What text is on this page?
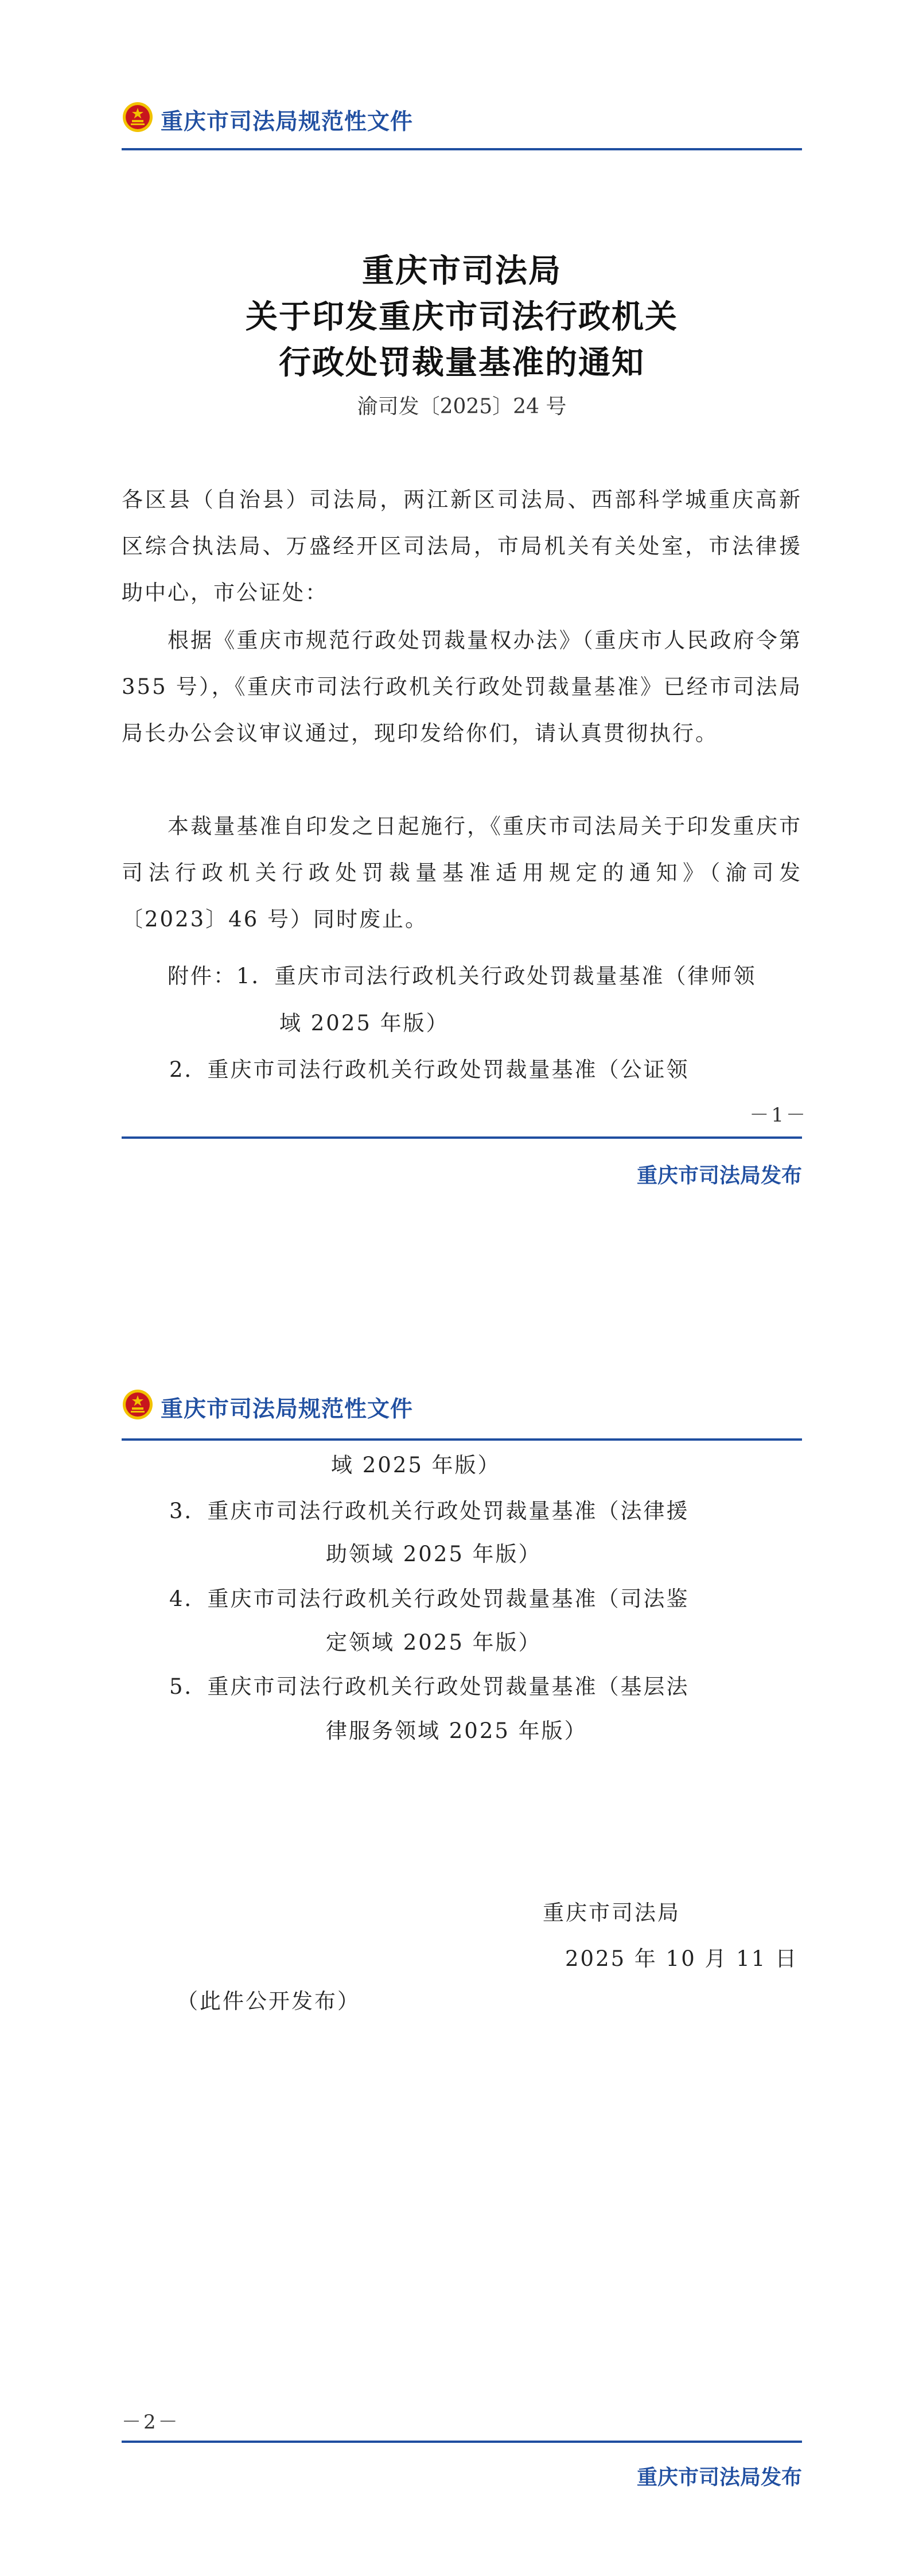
重庆市司法局规范性文件
重庆市司法局
关于印发重庆市司法行政机关
行政处罚裁量基准的通知
渝司发〔2025〕24 号
各区县（自治县）司法局，两江新区司法局、西部科学城重庆高新区综合执法局、万盛经开区司法局，市局机关有关处室，市法律援助中心，市公证处：
根据《重庆市规范行政处罚裁量权办法》（重庆市人民政府令第 355 号），《重庆市司法行政机关行政处罚裁量基准》已经市司法局局长办公会议审议通过，现印发给你们，请认真贯彻执行。
本裁量基准自印发之日起施行，《重庆市司法局关于印发重庆市司法行政机关行政处罚裁量基准适用规定的通知》（渝司发〔2023〕46 号）同时废止。
附件：1．重庆市司法行政机关行政处罚裁量基准（律师领
域 2025 年版）
2．重庆市司法行政机关行政处罚裁量基准（公证领
－1－
重庆市司法局发布
重庆市司法局规范性文件
域 2025 年版）
3．重庆市司法行政机关行政处罚裁量基准（法律援
助领域 2025 年版）
4．重庆市司法行政机关行政处罚裁量基准（司法鉴
定领域 2025 年版）
5．重庆市司法行政机关行政处罚裁量基准（基层法
律服务领域 2025 年版）
重庆市司法局
2025 年 10 月 11 日
（此件公开发布）
－2－
重庆市司法局发布
